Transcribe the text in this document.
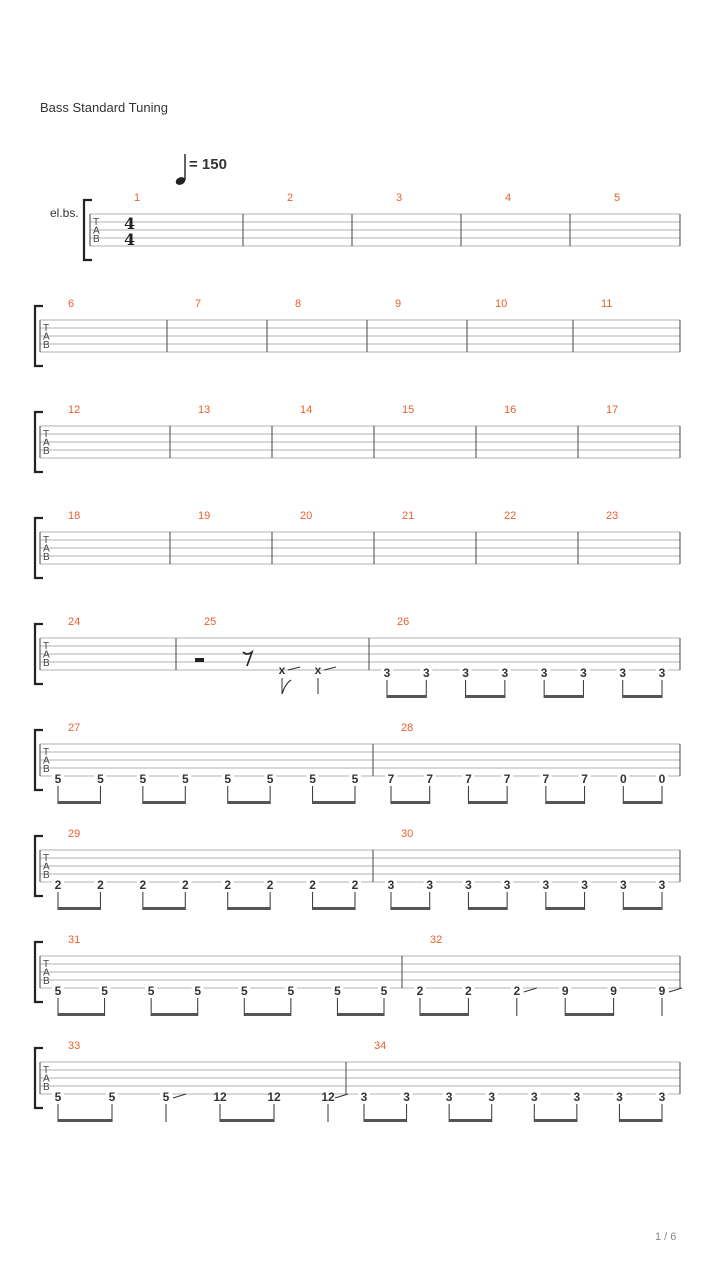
Bass Standard Tuning
= 150
el.bs.
1 / 6
T
A
B
4
4
1	2	3	4	5
T
A
B
6	7	8	9	10	11
T
A
B
12	13	14	15	16	17
T
A
B
18	19	20	21	22	23
T
A
B
24	25
x x
26
3	3	3	3	3	3	3	3
T
A
B
27
5	5	5	5	5	5	5	5
28
7	7	7	7	7	7	0	0
T
A
B
29
2	2	2	2	2	2	2	2
30
3	3	3	3	3	3	3	3
T
A
B
31
5	5	5	5	5	5	5	5
32
2	2	2	9	9	9
T
A
B
33
5	5	5	12	12	12
34
3	3	3	3	3	3	3	3
